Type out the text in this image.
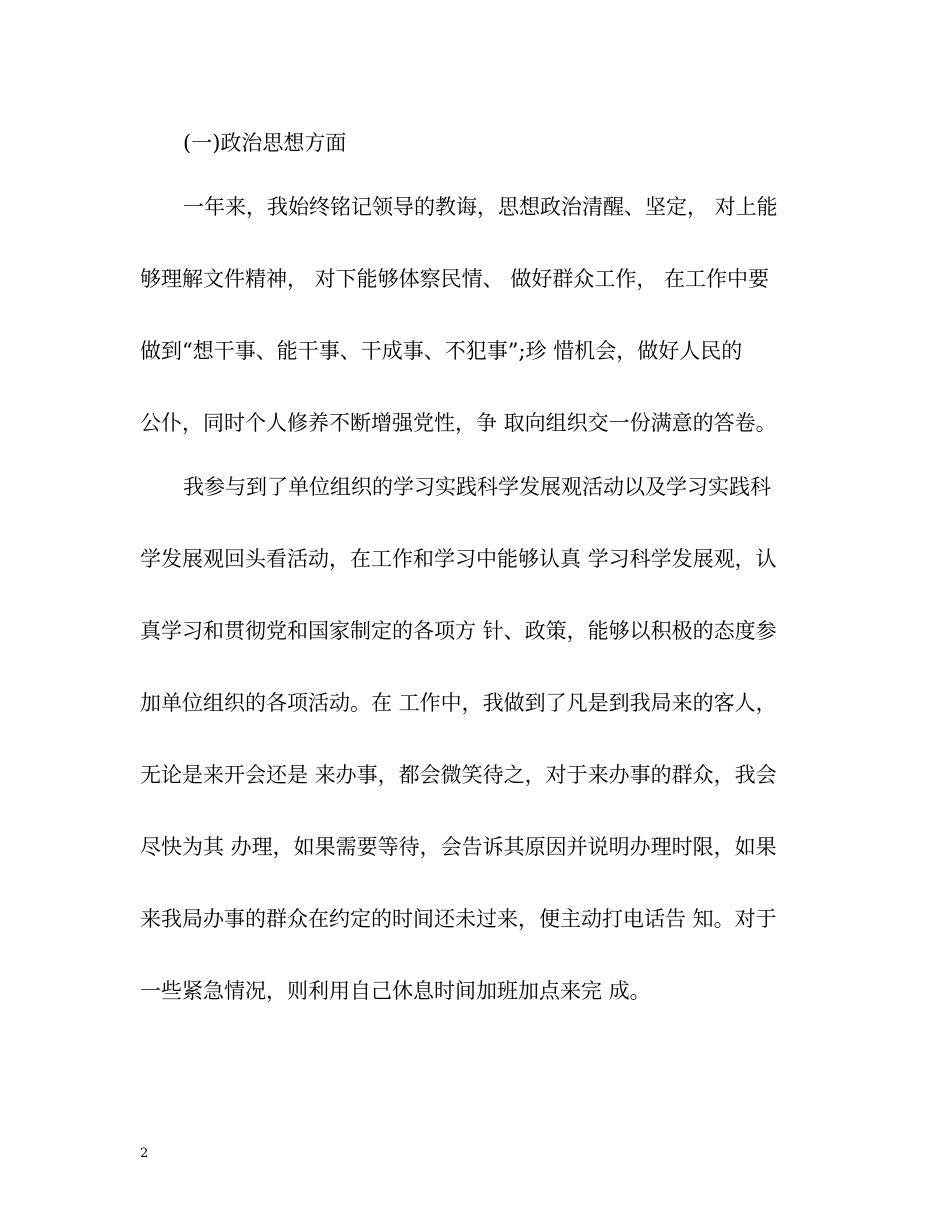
(一)政治思想方面
一年来，我始终铭记领导的教诲，思想政治清醒、坚定， 对上能
够理解文件精神， 对下能够体察民情、 做好群众工作， 在工作中要
做到“想干事、能干事、干成事、不犯事”;珍 惜机会，做好人民的
公仆，同时个人修养不断增强党性，争 取向组织交一份满意的答卷。
我参与到了单位组织的学习实践科学发展观活动以及学习实践科
学发展观回头看活动，在工作和学习中能够认真 学习科学发展观，认
真学习和贯彻党和国家制定的各项方 针、政策，能够以积极的态度参
加单位组织的各项活动。在 工作中，我做到了凡是到我局来的客人，
无论是来开会还是 来办事，都会微笑待之，对于来办事的群众，我会
尽快为其 办理，如果需要等待，会告诉其原因并说明办理时限，如果
来我局办事的群众在约定的时间还未过来，便主动打电话告 知。对于
一些紧急情况，则利用自己休息时间加班加点来完 成。
2
